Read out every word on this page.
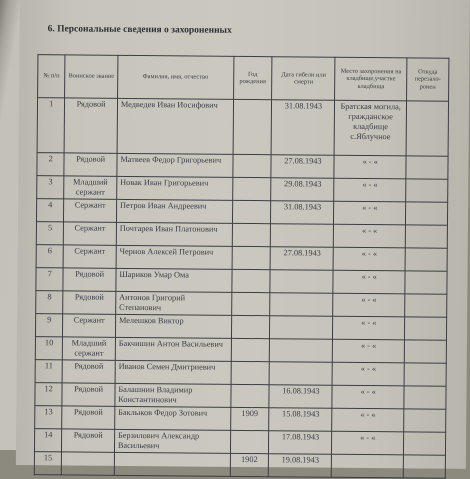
6. Персональные сведения о захороненных
№ п/п	Воинское звание	Фамилия, имя, отчество	Год рождения	Дата гибели или смерти	Место захоронения на кладбище,участке кладбища	Откуда перезахо-ронен
1	Рядовой	Медведев Иван Иосифович		31.08.1943	Братская могила, гражданское кладбище с.Яблучное	
2	Рядовой	Матвеев Федор Григорьевич		27.08.1943	« - «	
3	Младший сержант	Новак Иван Григорьевич		29.08.1943	« - «	
4	Сержант	Петров Иван Андреевич		31.08.1943	« - «	
5	Сержант	Почтарев Иван Платонович			« - «	
6	Сержант	Чернов Алексей Петрович		27.08.1943	« - «	
7	Рядовой	Шариков Умар Ома			« - «	
8	Рядовой	Антонов Григорий Степанович			« - «	
9	Сержант	Мелешков Виктор			« - «	
10	Младший сержант	Бакчишин Антон Васильевич			« - «	
11	Рядовой	Иванов Семен Дмитриевич			« - «	
12	Рядовой	Балашнин Владимир Константинович		16.08.1943	« - «	
13	Рядовой	Баклыков Федор Зотович	1909	15.08.1943	« - «	
14	Рядовой	Берзилович Александр Васильевич		17.08.1943	« - «	
15			1902	19.08.1943		
